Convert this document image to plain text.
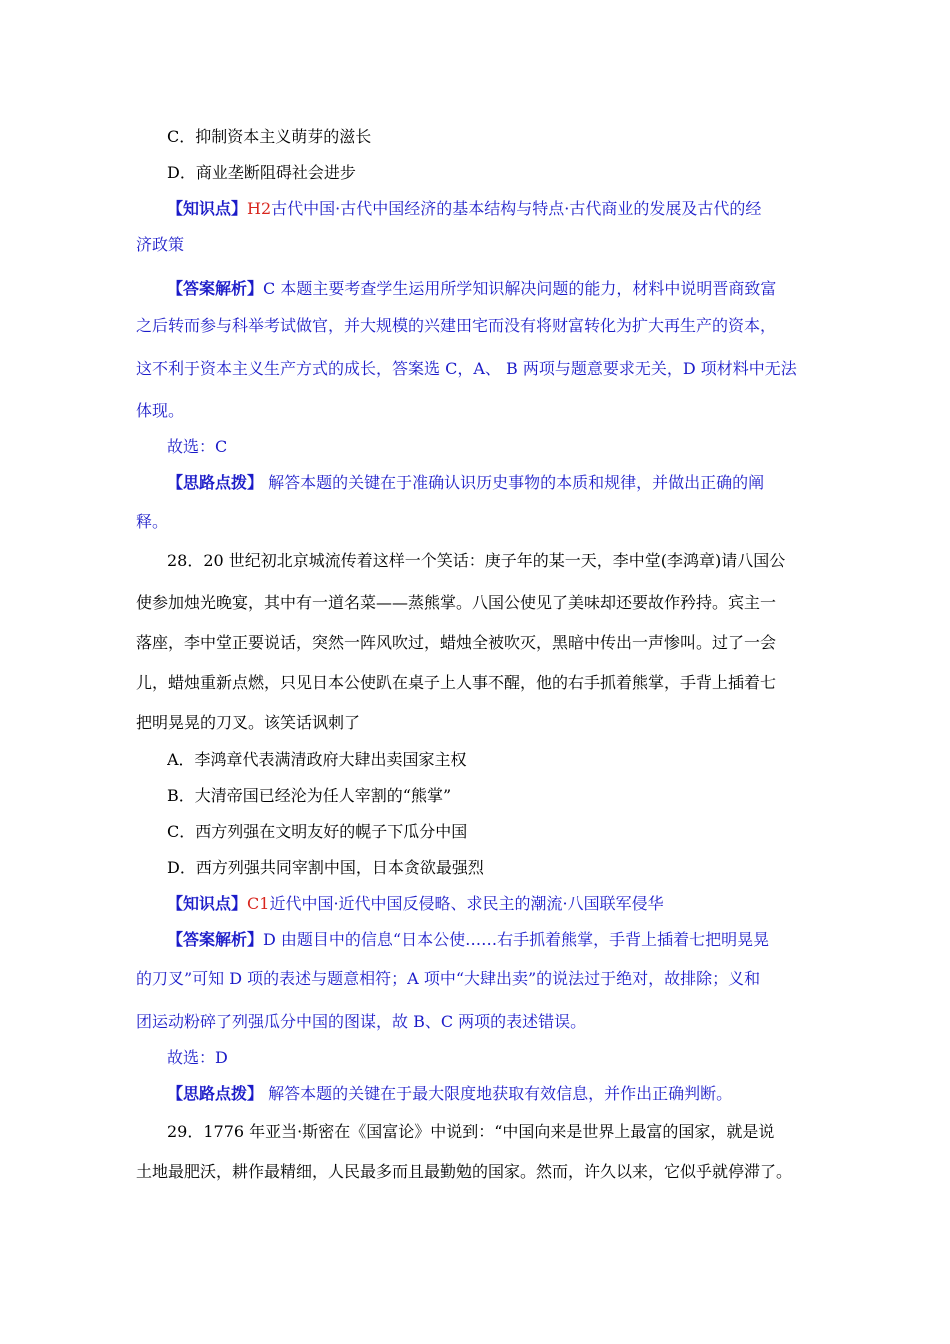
C．抑制资本主义萌芽的滋长
D．商业垄断阻碍社会进步
【知识点】H2古代中国·古代中国经济的基本结构与特点·古代商业的发展及古代的经
济政策
【答案解析】C 本题主要考查学生运用所学知识解决问题的能力，材料中说明晋商致富
之后转而参与科举考试做官，并大规模的兴建田宅而没有将财富转化为扩大再生产的资本，
这不利于资本主义生产方式的成长，答案选 C，A、 B 两项与题意要求无关，D 项材料中无法
体现。
故选：C
【思路点拨】 解答本题的关键在于准确认识历史事物的本质和规律，并做出正确的阐
释。
28．20 世纪初北京城流传着这样一个笑话：庚子年的某一天，李中堂(李鸿章)请八国公
使参加烛光晚宴，其中有一道名菜——蒸熊掌。八国公使见了美味却还要故作矜持。宾主一
落座，李中堂正要说话，突然一阵风吹过，蜡烛全被吹灭，黑暗中传出一声惨叫。过了一会
儿，蜡烛重新点燃，只见日本公使趴在桌子上人事不醒，他的右手抓着熊掌，手背上插着七
把明晃晃的刀叉。该笑话讽刺了
A．李鸿章代表满清政府大肆出卖国家主权
B．大清帝国已经沦为任人宰割的“熊掌”
C．西方列强在文明友好的幌子下瓜分中国
D．西方列强共同宰割中国，日本贪欲最强烈
【知识点】C1近代中国·近代中国反侵略、求民主的潮流·八国联军侵华
【答案解析】D 由题目中的信息“日本公使……右手抓着熊掌，手背上插着七把明晃晃
的刀叉”可知 D 项的表述与题意相符；A 项中“大肆出卖”的说法过于绝对，故排除；义和
团运动粉碎了列强瓜分中国的图谋，故 B、C 两项的表述错误。
故选：D
【思路点拨】 解答本题的关键在于最大限度地获取有效信息，并作出正确判断。
29．1776 年亚当·斯密在《国富论》中说到：“中国向来是世界上最富的国家，就是说
土地最肥沃，耕作最精细，人民最多而且最勤勉的国家。然而，许久以来，它似乎就停滞了。
